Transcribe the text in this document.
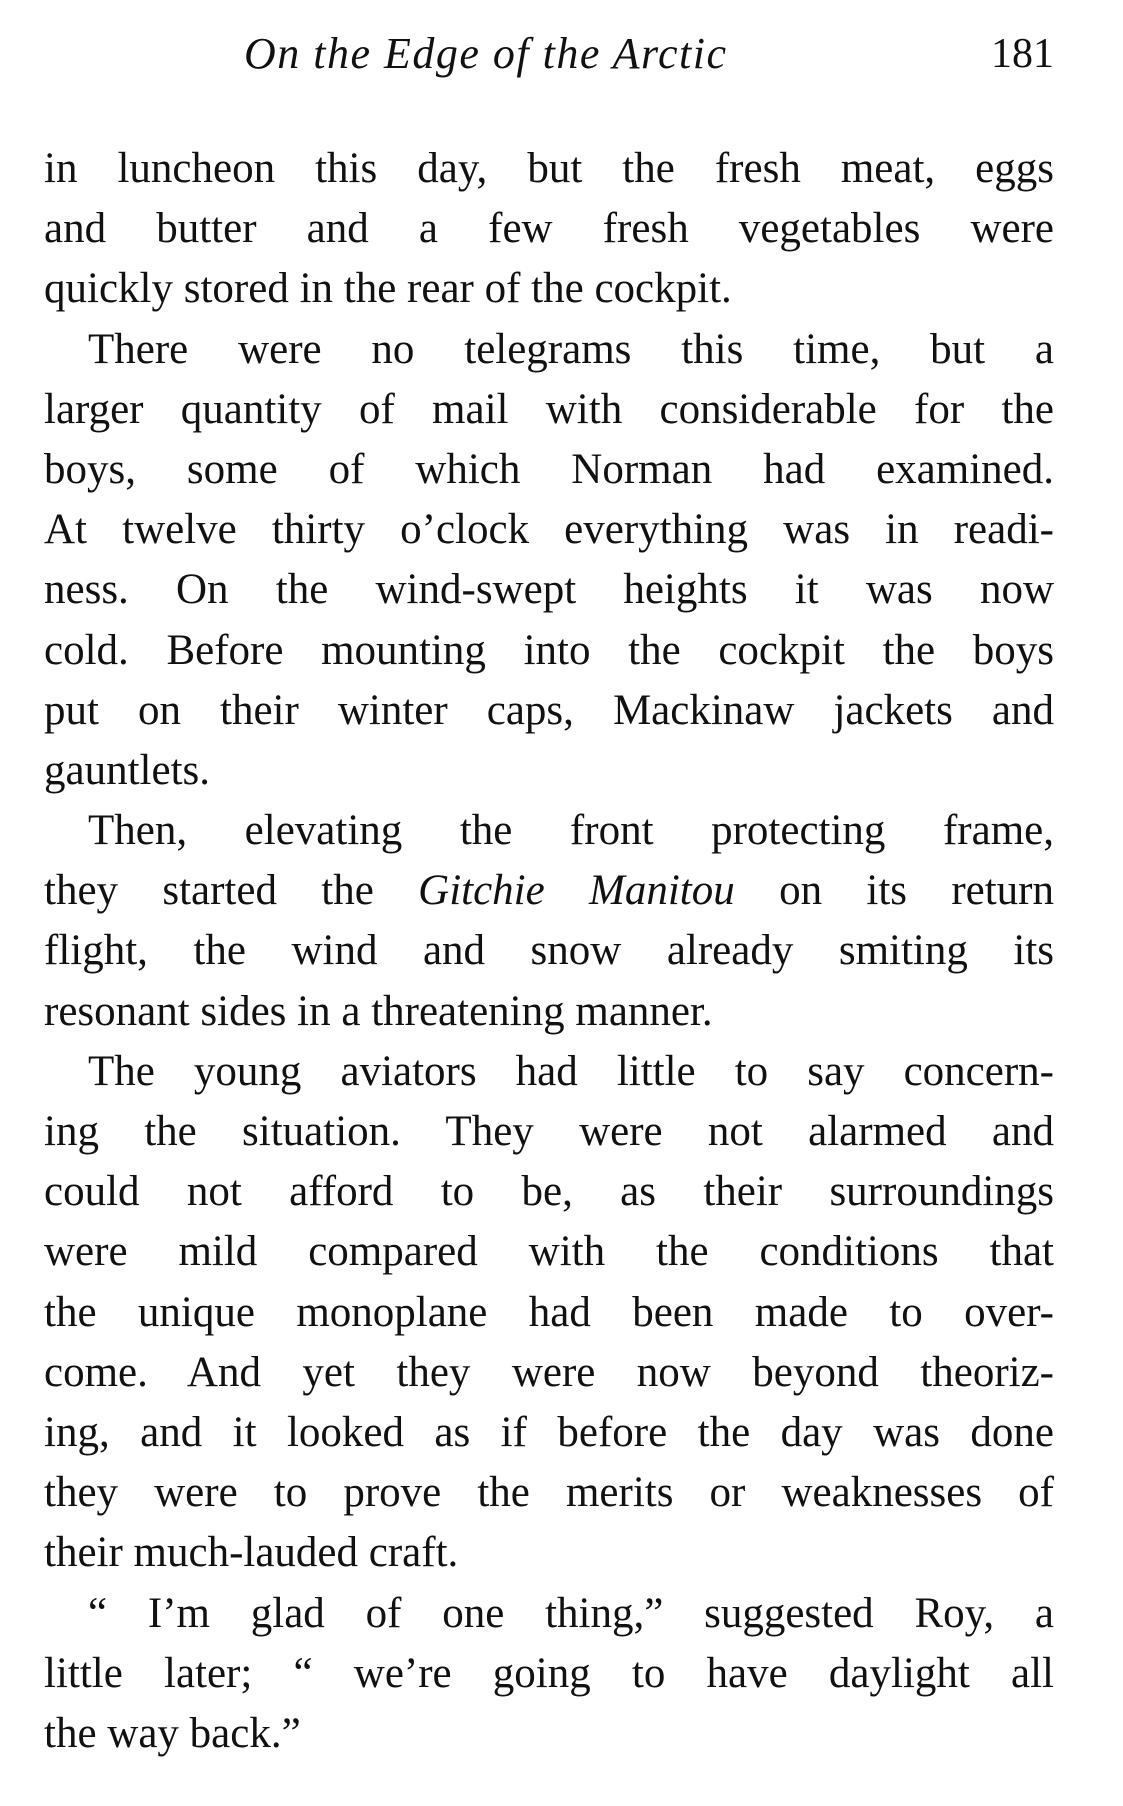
On the Edge of the Arctic	181
in luncheon this day, but the fresh meat, eggs
and butter and a few fresh vegetables were
quickly stored in the rear of the cockpit.
There were no telegrams this time, but a
larger quantity of mail with considerable for the
boys, some of which Norman had examined.
At twelve thirty o’clock everything was in readi-
ness. On the wind-swept heights it was now
cold. Before mounting into the cockpit the boys
put on their winter caps, Mackinaw jackets and
gauntlets.
Then, elevating the front protecting frame,
they started the Gitchie Manitou on its return
flight, the wind and snow already smiting its
resonant sides in a threatening manner.
The young aviators had little to say concern-
ing the situation. They were not alarmed and
could not afford to be, as their surroundings
were mild compared with the conditions that
the unique monoplane had been made to over-
come. And yet they were now beyond theoriz-
ing, and it looked as if before the day was done
they were to prove the merits or weaknesses of
their much-lauded craft.
“ I’m glad of one thing,” suggested Roy, a
little later; “ we’re going to have daylight all
the way back.”
